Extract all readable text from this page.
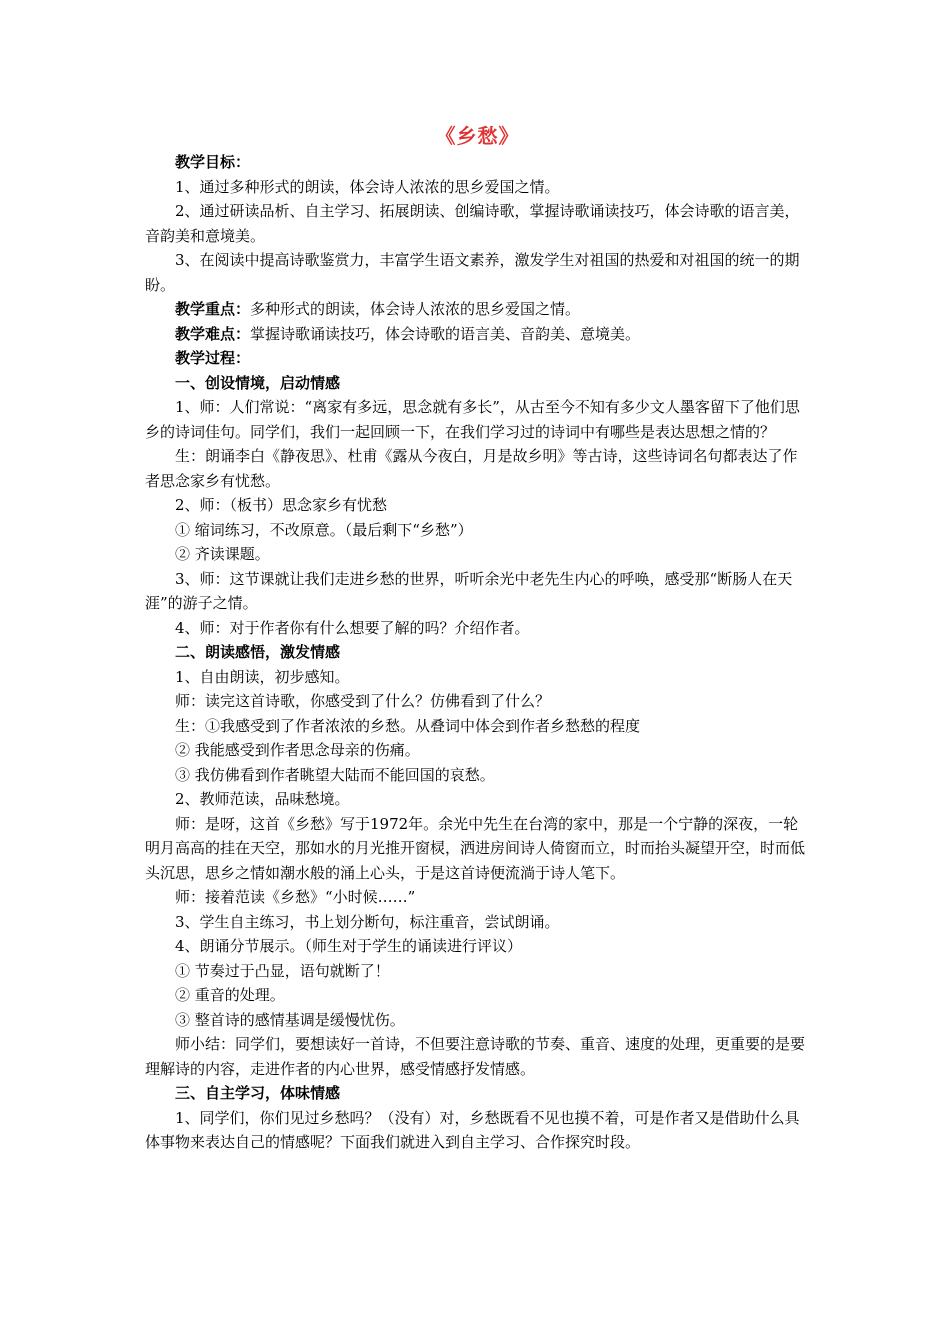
《乡愁》

教学目标：

1、通过多种形式的朗读，体会诗人浓浓的思乡爱国之情。

2、通过研读品析、自主学习、拓展朗读、创编诗歌，掌握诗歌诵读技巧，体会诗歌的语言美，音韵美和意境美。

3、在阅读中提高诗歌鉴赏力，丰富学生语文素养，激发学生对祖国的热爱和对祖国的统一的期盼。

教学重点：多种形式的朗读，体会诗人浓浓的思乡爱国之情。

教学难点：掌握诗歌诵读技巧，体会诗歌的语言美、音韵美、意境美。

教学过程：

一、创设情境，启动情感

1、师：人们常说：“离家有多远，思念就有多长”，从古至今不知有多少文人墨客留下了他们思乡的诗词佳句。同学们，我们一起回顾一下，在我们学习过的诗词中有哪些是表达思想之情的？

生：朗诵李白《静夜思》、杜甫《露从今夜白，月是故乡明》等古诗，这些诗词名句都表达了作者思念家乡有忧愁。

2、师：（板书）思念家乡有忧愁

① 缩词练习，不改原意。（最后剩下“乡愁”）

② 齐读课题。

3、师：这节课就让我们走进乡愁的世界，听听余光中老先生内心的呼唤，感受那“断肠人在天涯”的游子之情。

4、师：对于作者你有什么想要了解的吗？介绍作者。

二、朗读感悟，激发情感

1、自由朗读，初步感知。

师：读完这首诗歌，你感受到了什么？仿佛看到了什么？

生：①我感受到了作者浓浓的乡愁。从叠词中体会到作者乡愁愁的程度

② 我能感受到作者思念母亲的伤痛。

③ 我仿佛看到作者眺望大陆而不能回国的哀愁。

2、教师范读，品味愁境。

师：是呀，这首《乡愁》写于1972年。余光中先生在台湾的家中，那是一个宁静的深夜，一轮明月高高的挂在天空，那如水的月光推开窗棂，洒进房间诗人倚窗而立，时而抬头凝望开空，时而低头沉思，思乡之情如潮水般的涌上心头，于是这首诗便流淌于诗人笔下。

师：接着范读《乡愁》“小时候……”

3、学生自主练习，书上划分断句，标注重音，尝试朗诵。

4、朗诵分节展示。（师生对于学生的诵读进行评议）

① 节奏过于凸显，语句就断了！

② 重音的处理。

③ 整首诗的感情基调是缓慢忧伤。

师小结：同学们，要想读好一首诗，不但要注意诗歌的节奏、重音、速度的处理，更重要的是要理解诗的内容，走进作者的内心世界，感受情感抒发情感。

三、自主学习，体味情感

1、同学们，你们见过乡愁吗？（没有）对，乡愁既看不见也摸不着，可是作者又是借助什么具体事物来表达自己的情感呢？下面我们就进入到自主学习、合作探究时段。
